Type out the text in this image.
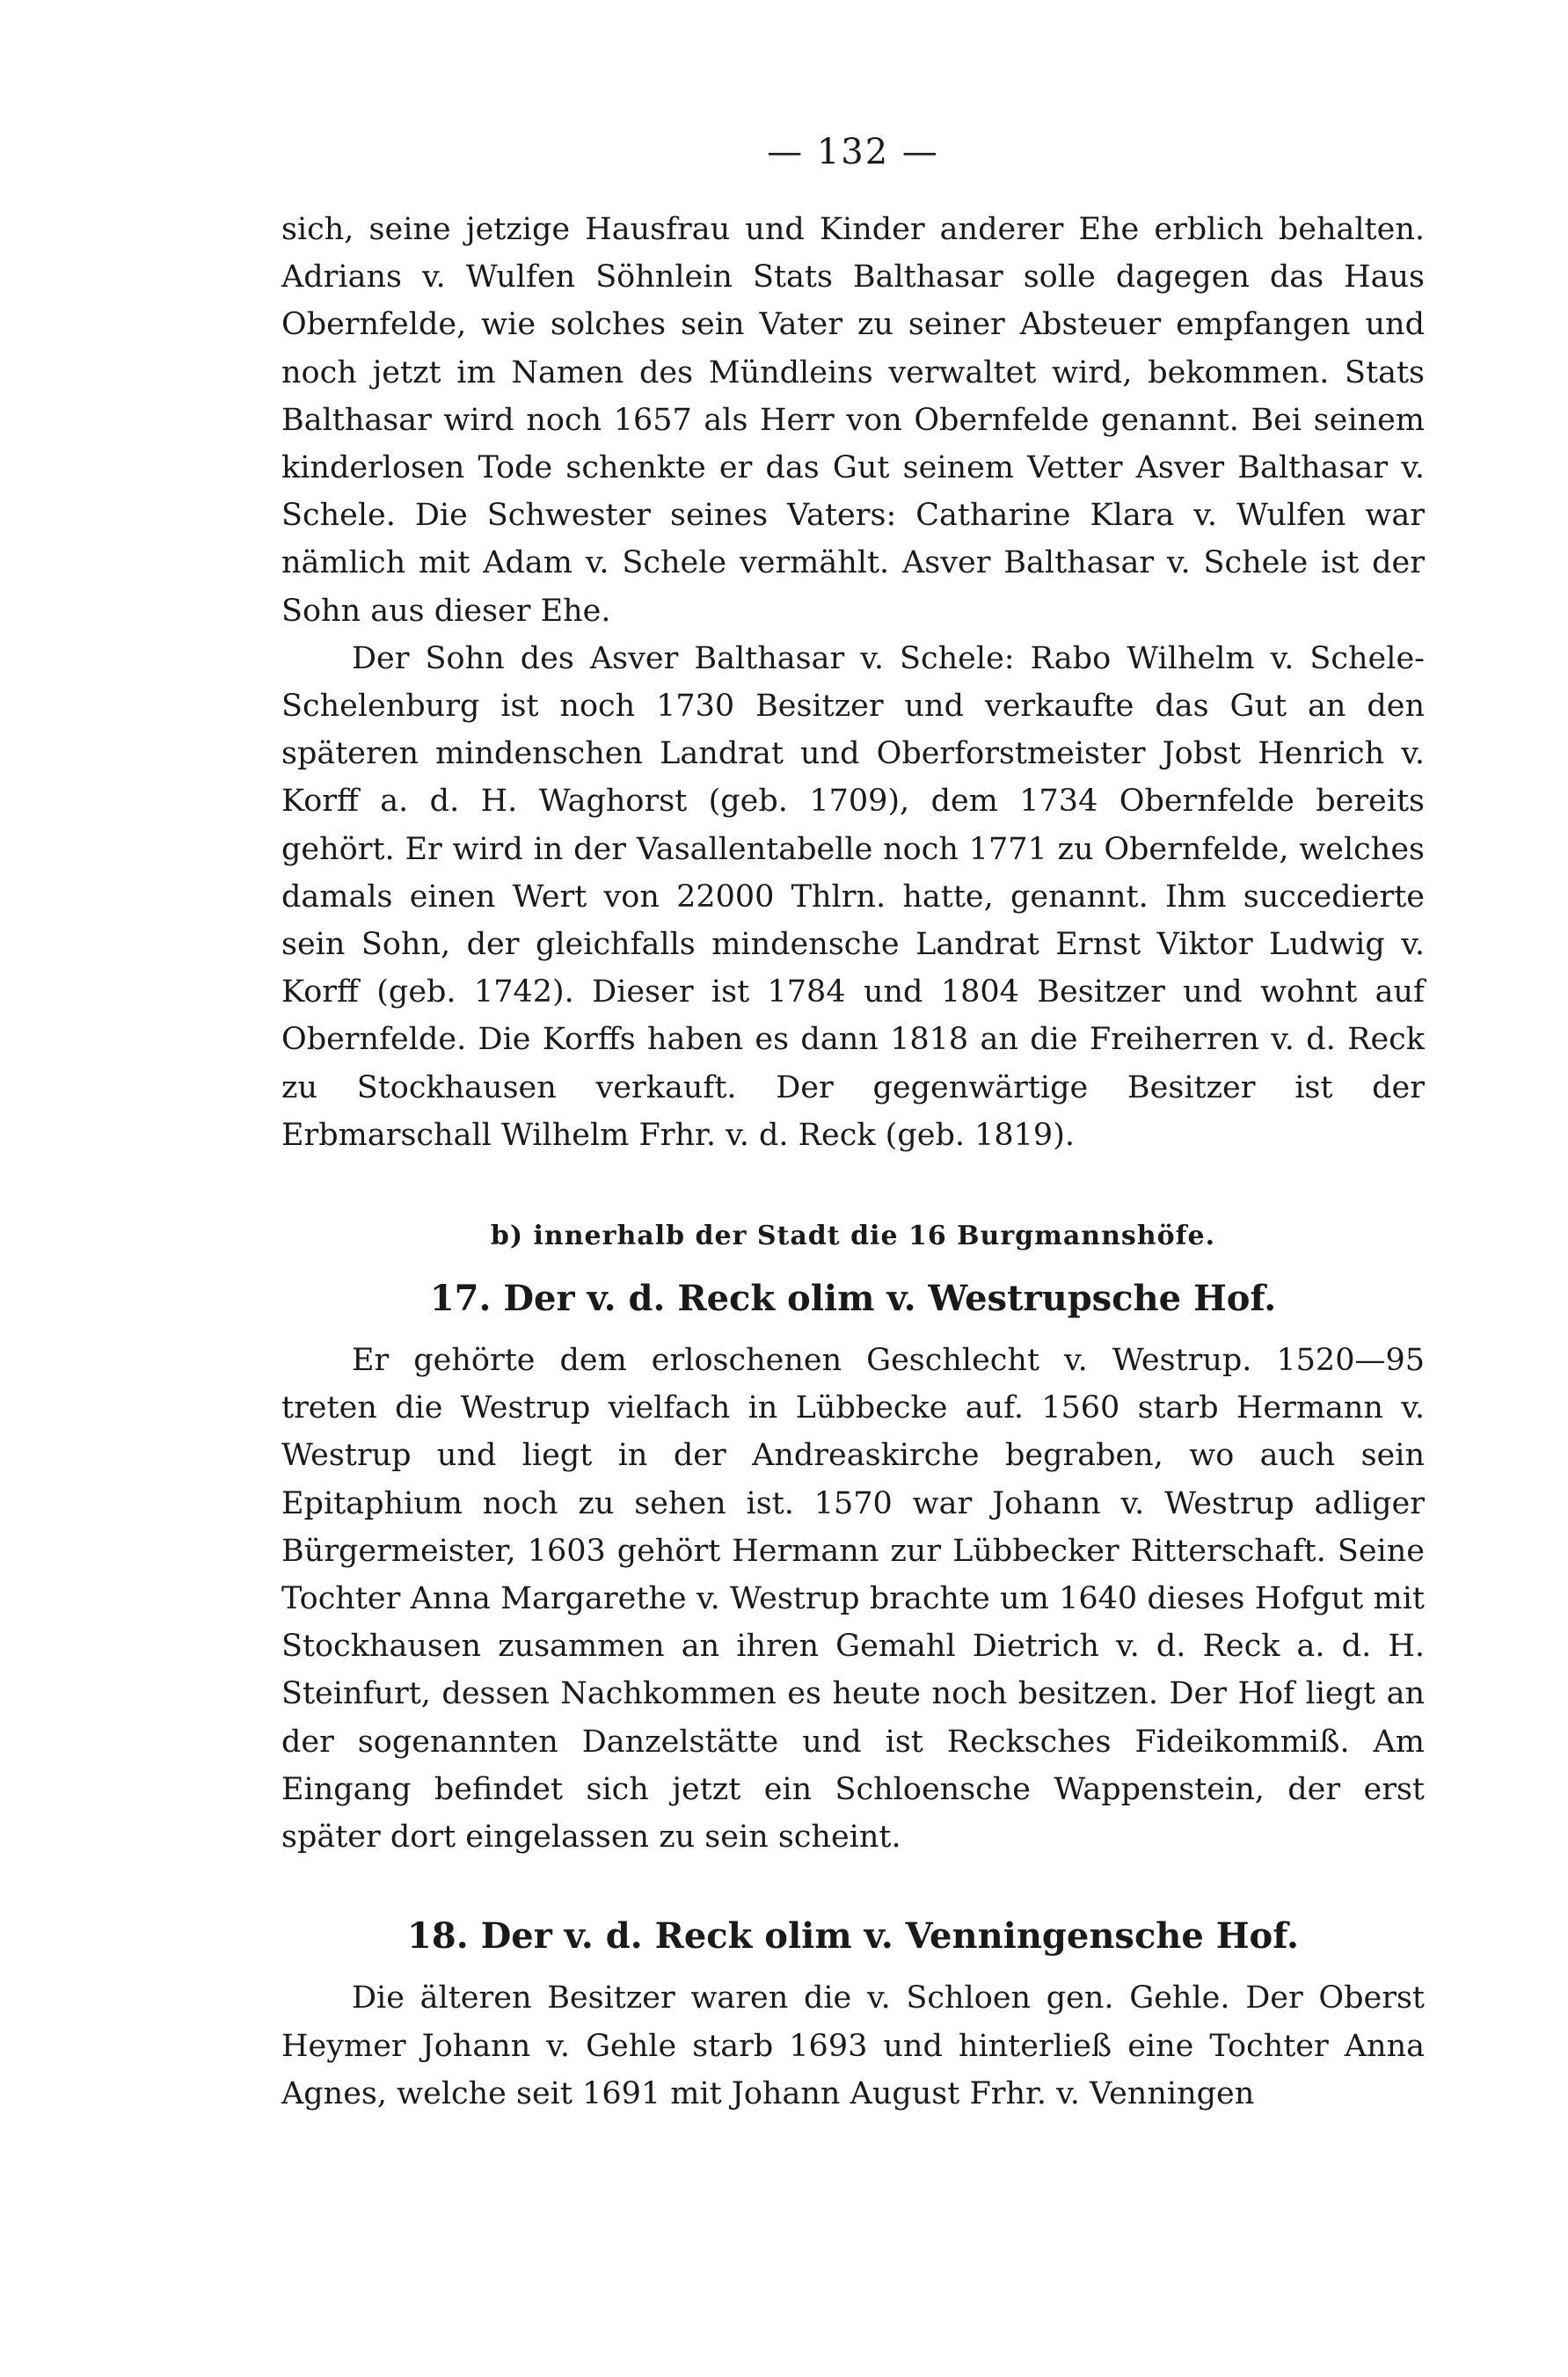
— 132 —

sich, seine jetzige Hausfrau und Kinder anderer Ehe erblich behalten. Adrians v. Wulfen Söhnlein Stats Balthasar solle dagegen das Haus Obernfelde, wie solches sein Vater zu seiner Absteuer empfangen und noch jetzt im Namen des Mündleins verwaltet wird, bekommen. Stats Balthasar wird noch 1657 als Herr von Obernfelde genannt. Bei seinem kinderlosen Tode schenkte er das Gut seinem Vetter Asver Balthasar v. Schele. Die Schwester seines Vaters: Catharine Klara v. Wulfen war nämlich mit Adam v. Schele vermählt. Asver Balthasar v. Schele ist der Sohn aus dieser Ehe.

Der Sohn des Asver Balthasar v. Schele: Rabo Wilhelm v. Schele-Schelenburg ist noch 1730 Besitzer und verkaufte das Gut an den späteren mindenschen Landrat und Oberforstmeister Jobst Henrich v. Korff a. d. H. Waghorst (geb. 1709), dem 1734 Obernfelde bereits gehört. Er wird in der Vasallentabelle noch 1771 zu Obernfelde, welches damals einen Wert von 22000 Thlrn. hatte, genannt. Ihm succedierte sein Sohn, der gleichfalls mindensche Landrat Ernst Viktor Ludwig v. Korff (geb. 1742). Dieser ist 1784 und 1804 Besitzer und wohnt auf Obernfelde. Die Korffs haben es dann 1818 an die Freiherren v. d. Reck zu Stockhausen verkauft. Der gegenwärtige Besitzer ist der Erbmarschall Wilhelm Frhr. v. d. Reck (geb. 1819).

b) innerhalb der Stadt die 16 Burgmannshöfe.
17. Der v. d. Reck olim v. Westrupsche Hof.

Er gehörte dem erloschenen Geschlecht v. Westrup. 1520—95 treten die Westrup vielfach in Lübbecke auf. 1560 starb Hermann v. Westrup und liegt in der Andreaskirche begraben, wo auch sein Epitaphium noch zu sehen ist. 1570 war Johann v. Westrup adliger Bürgermeister, 1603 gehört Hermann zur Lübbecker Ritterschaft. Seine Tochter Anna Margarethe v. Westrup brachte um 1640 dieses Hofgut mit Stockhausen zusammen an ihren Gemahl Dietrich v. d. Reck a. d. H. Steinfurt, dessen Nachkommen es heute noch besitzen. Der Hof liegt an der sogenannten Danzelstätte und ist Recksches Fideikommiß. Am Eingang befindet sich jetzt ein Schloensche Wappenstein, der erst später dort eingelassen zu sein scheint.

18. Der v. d. Reck olim v. Venningensche Hof.

Die älteren Besitzer waren die v. Schloen gen. Gehle. Der Oberst Heymer Johann v. Gehle starb 1693 und hinterließ eine Tochter Anna Agnes, welche seit 1691 mit Johann August Frhr. v. Venningen
